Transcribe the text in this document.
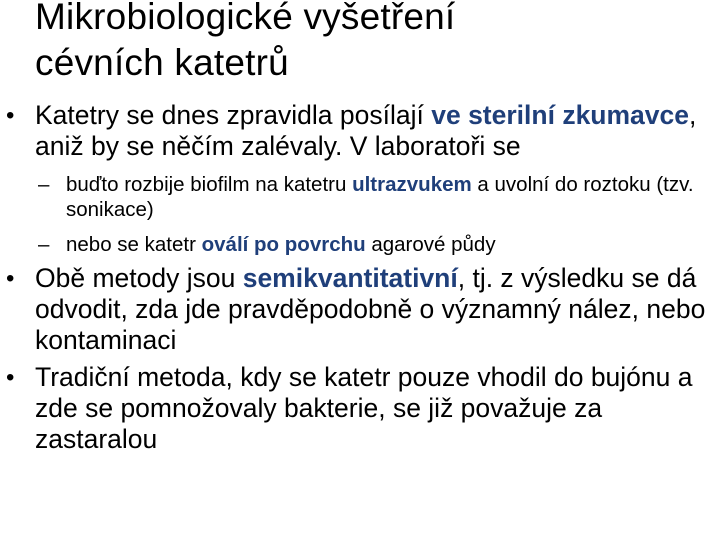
Mikrobiologické vyšetření
cévních katetrů
• Katetry se dnes zpravidla posílají ve sterilní zkumavce, aniž by se něčím zalévaly. V laboratoři se
– buďto rozbije biofilm na katetru ultrazvukem a uvolní do roztoku (tzv. sonikace)
– nebo se katetr oválí po povrchu agarové půdy
• Obě metody jsou semikvantitativní, tj. z výsledku se dá odvodit, zda jde pravděpodobně o významný nález, nebo kontaminaci
• Tradiční metoda, kdy se katetr pouze vhodil do bujónu a zde se pomnožovaly bakterie, se již považuje za zastaralou
